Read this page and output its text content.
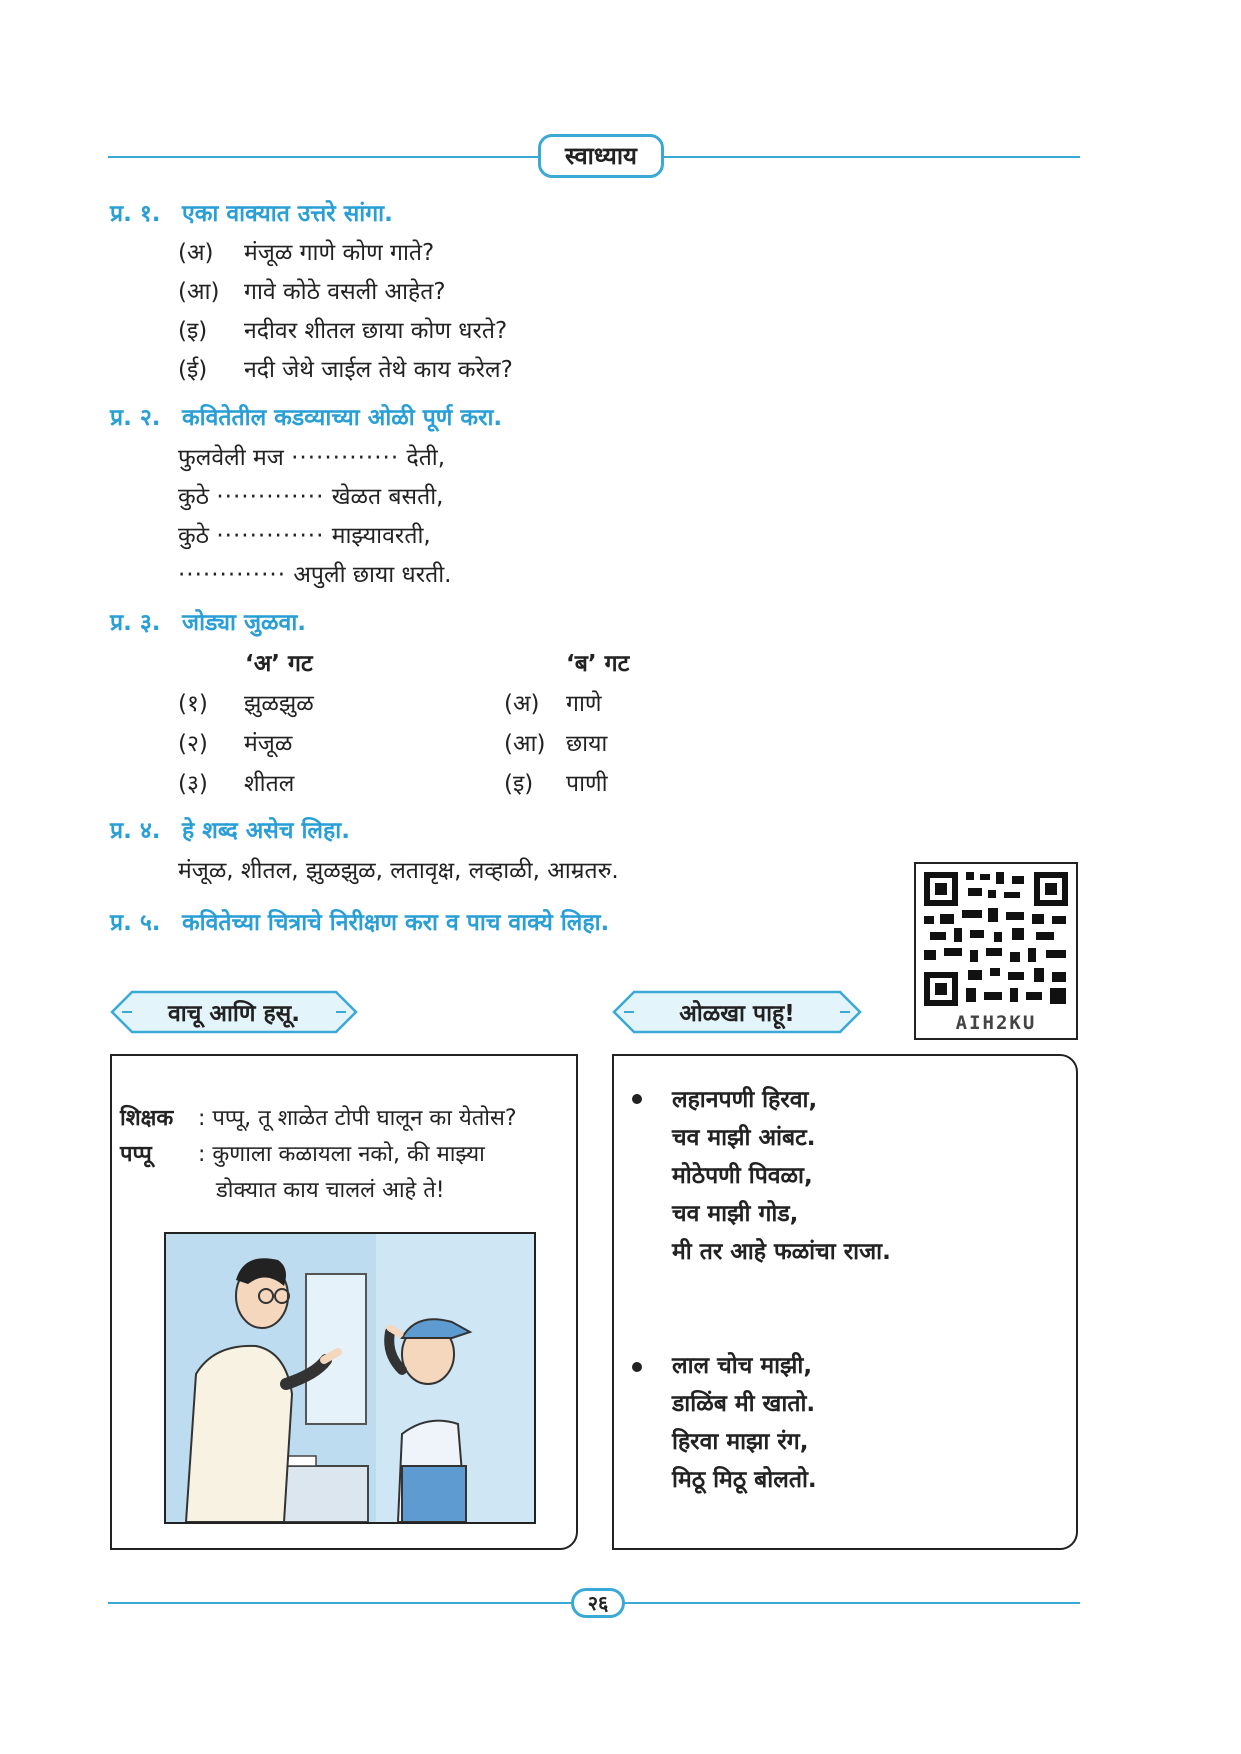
स्वाध्याय
प्र. १. एका वाक्यात उत्तरे सांगा.
(अ) मंजूळ गाणे कोण गाते?
(आ) गावे कोठे वसली आहेत?
(इ) नदीवर शीतल छाया कोण धरते?
(ई) नदी जेथे जाईल तेथे काय करेल?
प्र. २. कवितेतील कडव्याच्या ओळी पूर्ण करा.
फुलवेली मज ············· देती,
कुठे ············· खेळत बसती,
कुठे ············· माझ्यावरती,
············· अपुली छाया धरती.
प्र. ३. जोड्या जुळवा.
‘अ’ गट	‘ब’ गट
(१) झुळझुळ
(२) मंजूळ
(३) शीतल
(अ) गाणे
(आ) छाया
(इ) पाणी
प्र. ४. हे शब्द असेच लिहा.
मंजूळ, शीतल, झुळझुळ, लतावृक्ष, लव्हाळी, आम्रतरु.
प्र. ५. कवितेच्या चित्राचे निरीक्षण करा व पाच वाक्ये लिहा.
AIH2KU
वाचू आणि हसू.	ओळखा पाहू!
शिक्षक : पप्पू, तू शाळेत टोपी घालून का येतोस?
पप्पू : कुणाला कळायला नको, की माझ्या
डोक्यात काय चाललं आहे ते!
लहानपणी हिरवा,
चव माझी आंबट.
मोठेपणी पिवळा,
चव माझी गोड,
मी तर आहे फळांचा राजा.
लाल चोच माझी,
डाळिंब मी खातो.
हिरवा माझा रंग,
मिठू मिठू बोलतो.
२६
